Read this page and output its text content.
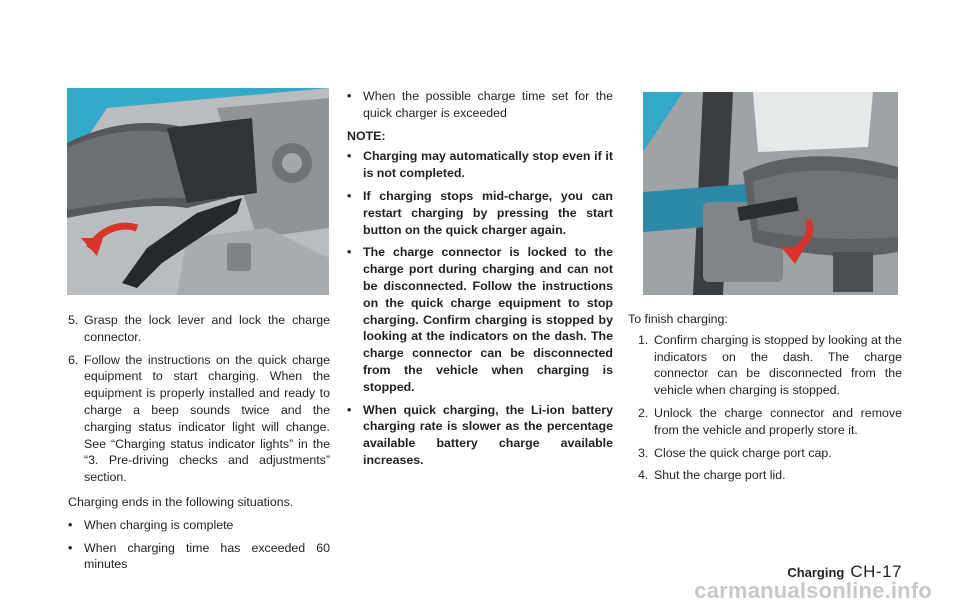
5. Grasp the lock lever and lock the charge connector.
6. Follow the instructions on the quick charge equipment to start charging. When the equipment is properly installed and ready to charge a beep sounds twice and the charging status indicator light will change. See “Charging status indicator lights” in the “3. Pre-driving checks and adjustments” section.

Charging ends in the following situations.

• When charging is complete
• When charging time has exceeded 60 minutes
• When the possible charge time set for the quick charger is exceeded

NOTE:

• Charging may automatically stop even if it is not completed.
• If charging stops mid-charge, you can restart charging by pressing the start button on the quick charger again.
• The charge connector is locked to the charge port during charging and can not be disconnected. Follow the instructions on the quick charge equipment to stop charging. Confirm charging is stopped by looking at the indicators on the dash. The charge connector can be disconnected from the vehicle when charging is stopped.
• When quick charging, the Li-ion battery charging rate is slower as the percentage available battery charge available increases.

To finish charging:

1. Confirm charging is stopped by looking at the indicators on the dash. The charge connector can be disconnected from the vehicle when charging is stopped.
2. Unlock the charge connector and remove from the vehicle and properly store it.
3. Close the quick charge port cap.
4. Shut the charge port lid.
Charging CH-17
carmanualsonline.info
